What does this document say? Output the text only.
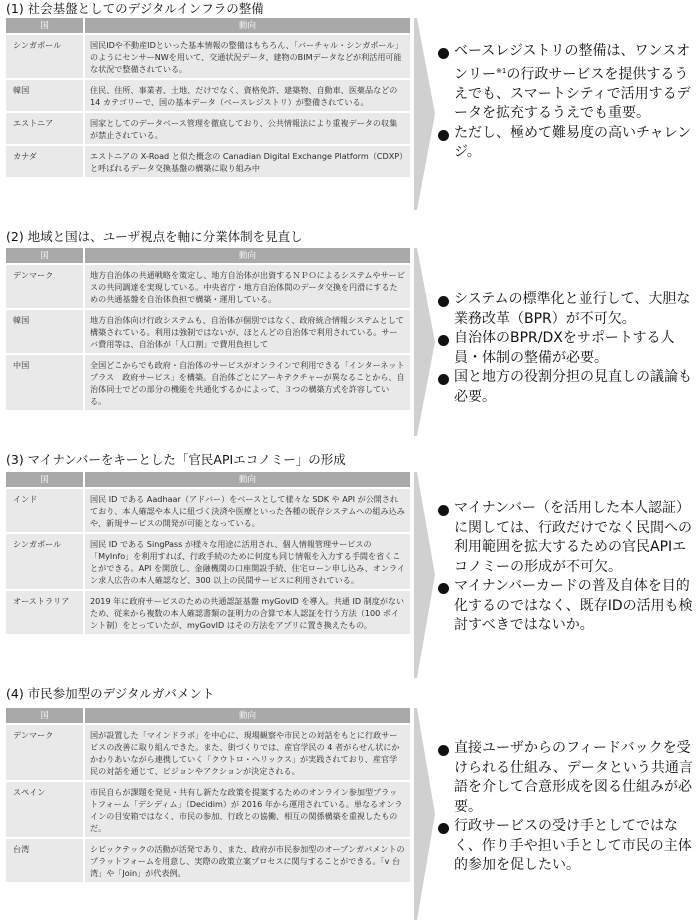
(1) 社会基盤としてのデジタルインフラの整備
国	動向
シンガポール	国民IDや不動産IDといった基本情報の整備はもちろん、「バーチャル・シンガポール」のようにセンサーNWを用いて、交通状況データ、建物のBIMデータなどが利活用可能な状況で整備されている。
韓国	住民、住所、事業者、土地、だけでなく、資格免許、建築物、自動車、医薬品などの 14 カテゴリーで、国の基本データ（ベースレジストリ）が整備されている。
エストニア	国家としてのデータベース管理を徹底しており、公共情報法により重複データの収集が禁止されている。
カナダ	エストニアの X-Road と似た概念の Canadian Digital Exchange Platform（CDXP）と呼ばれるデータ交換基盤の構築に取り組み中
ベースレジストリの整備は、ワンスオンリー$^{※1}$の行政サービスを提供するうえでも、スマートシティで活用するデータを拡充するうえでも重要。
ただし、極めて難易度の高いチャレンジ。
(2) 地域と国は、ユーザ視点を軸に分業体制を見直し
国	動向
デンマーク	地方自治体の共通戦略を策定し、地方自治体が出資するＮＰＯによるシステムやサービスの共同調達を実現している。中央省庁・地方自治体間のデータ交換を円滑にするための共通基盤を自治体負担で構築・運用している。
韓国	地方自治体向け行政システムも、自治体が個別ではなく、政府統合情報システムとして構築されている。利用は強制ではないが、ほとんどの自治体で利用されている。サーバ費用等は、自治体が「人口割」で費用負担して
中国	全国どこからでも政府・自治体のサービスがオンラインで利用できる「インターネットプラス　政府サービス」を構築。自治体ごとにアーキテクチャーが異なることから、自治体同士でどの部分の機能を共通化するかによって、３つの構築方式を許容している。
システムの標準化と並行して、大胆な業務改革（BPR）が不可欠。
自治体のBPR/DXをサポートする人員・体制の整備が必要。
国と地方の役割分担の見直しの議論も必要。
(3) マイナンバーをキーとした「官民APIエコノミー」の形成
国	動向
インド	国民 ID である Aadhaar（アドバー）をベースとして様々な SDK や API が公開されており、本人確認や本人に紐づく決済や医療といった各種の既存システムへの組み込みや、新規サービスの開発が可能となっている。
シンガポール	国民 ID である SingPass が様々な用途に活用され、個人情報管理サービスの「MyInfo」を利用すれば、行政手続のために何度も同じ情報を入力する手間を省くことができる。API を開放し、金融機関の口座開設手続、住宅ローン申し込み、オンライン求人広告の本人確認など、300 以上の民間サービスに利用されている。
オーストラリア	2019 年に政府サービスのための共通認証基盤 myGovID を導入。共通 ID 制度がないため、従来から複数の本人確認書類の証明力の合算で本人認証を行う方法（100 ポイント制）をとっていたが、myGovID はその方法をアプリに置き換えたもの。
マイナンバー（を活用した本人認証）に関しては、行政だけでなく民間への利用範囲を拡大するための官民APIエコノミーの形成が不可欠。
マイナンバーカードの普及自体を目的化するのではなく、既存IDの活用も検討すべきではないか。
(4) 市民参加型のデジタルガバメント
国	動向
デンマーク	国が設置した「マインドラボ」を中心に、現場観察や市民との対話をもとに行政サービスの改善に取り組んできた。また、街づくりでは、産官学民の 4 者がらせん状にかかわりあいながら連携していく「クウトロ・ヘリックス」が実践されており、産官学民の対話を通じて、ビジョンやアクションが決定される。
スペイン	市民自らが課題を発見・共有し新たな政策を提案するためのオンライン参加型プラットフォーム「デシディム」（Decidim）が 2016 年から運用されている。単なるオンラインの目安箱ではなく、市民の参加、行政との協働、相互の関係構築を重視したものだ。
台湾	シビックテックの活動が活発であり、また、政府が市民参加型のオープンガバメントのプラットフォームを用意し、実際の政策立案プロセスに関与することができる。「v 台湾」や「Join」が代表例。
直接ユーザからのフィードバックを受けられる仕組み、データという共通言語を介して合意形成を図る仕組みが必要。
行政サービスの受け手としてではなく、作り手や担い手として市民の主体的参加を促したい。
